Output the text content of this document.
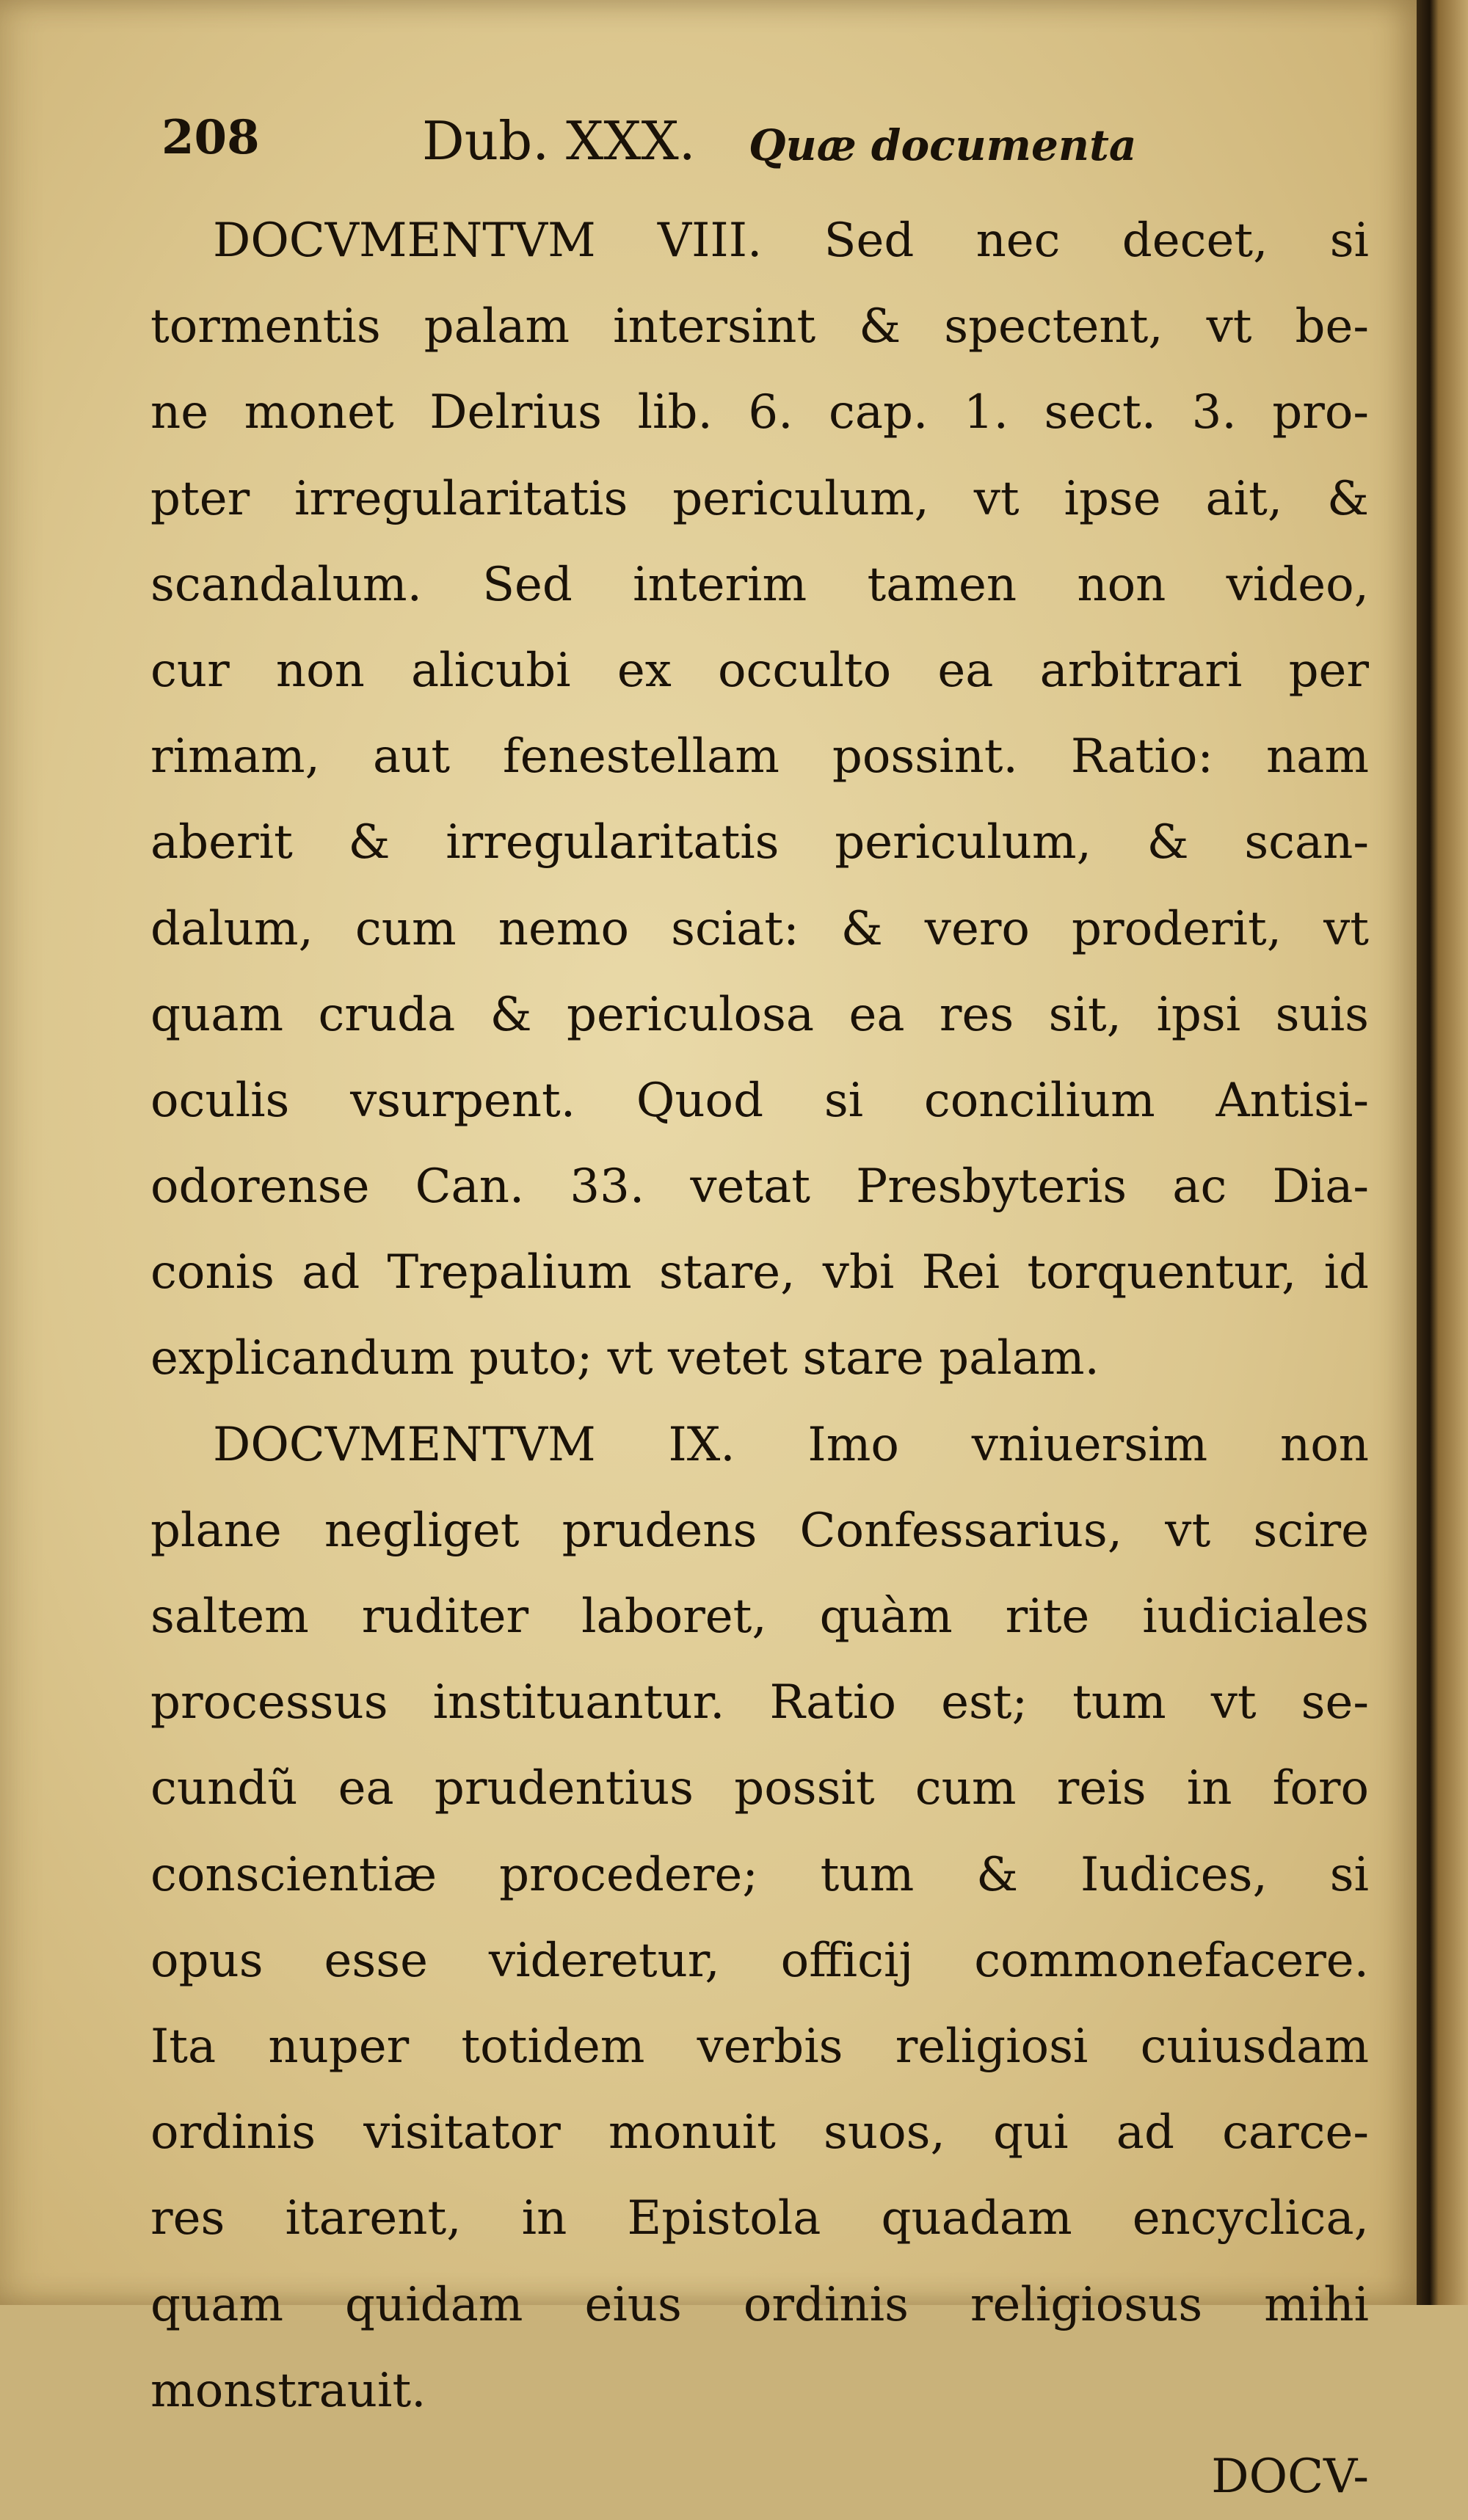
208	Dub. XXX. Quæ documenta
DOCVMENTVM VIII. Sed nec decet, si
tormentis palam intersint & spectent, vt be-
ne monet Delrius lib. 6. cap. 1. sect. 3. pro-
pter irregularitatis periculum, vt ipse ait, &
scandalum. Sed interim tamen non video,
cur non alicubi ex occulto ea arbitrari per
rimam, aut fenestellam possint. Ratio: nam
aberit & irregularitatis periculum, & scan-
dalum, cum nemo sciat: & vero proderit, vt
quam cruda & periculosa ea res sit, ipsi suis
oculis vsurpent. Quod si concilium Antisi-
odorense Can. 33. vetat Presbyteris ac Dia-
conis ad Trepalium stare, vbi Rei torquentur, id
explicandum puto; vt vetet stare palam.
DOCVMENTVM IX. Imo vniuersim non
plane negliget prudens Confessarius, vt scire
saltem ruditer laboret, quàm rite iudiciales
processus instituantur. Ratio est; tum vt se-
cundũ ea prudentius possit cum reis in foro
conscientiæ procedere; tum & Iudices, si
opus esse videretur, officij commonefacere.
Ita nuper totidem verbis religiosi cuiusdam
ordinis visitator monuit suos, qui ad carce-
res itarent, in Epistola quadam encyclica,
quam quidam eius ordinis religiosus mihi
monstrauit.
DOCV-
